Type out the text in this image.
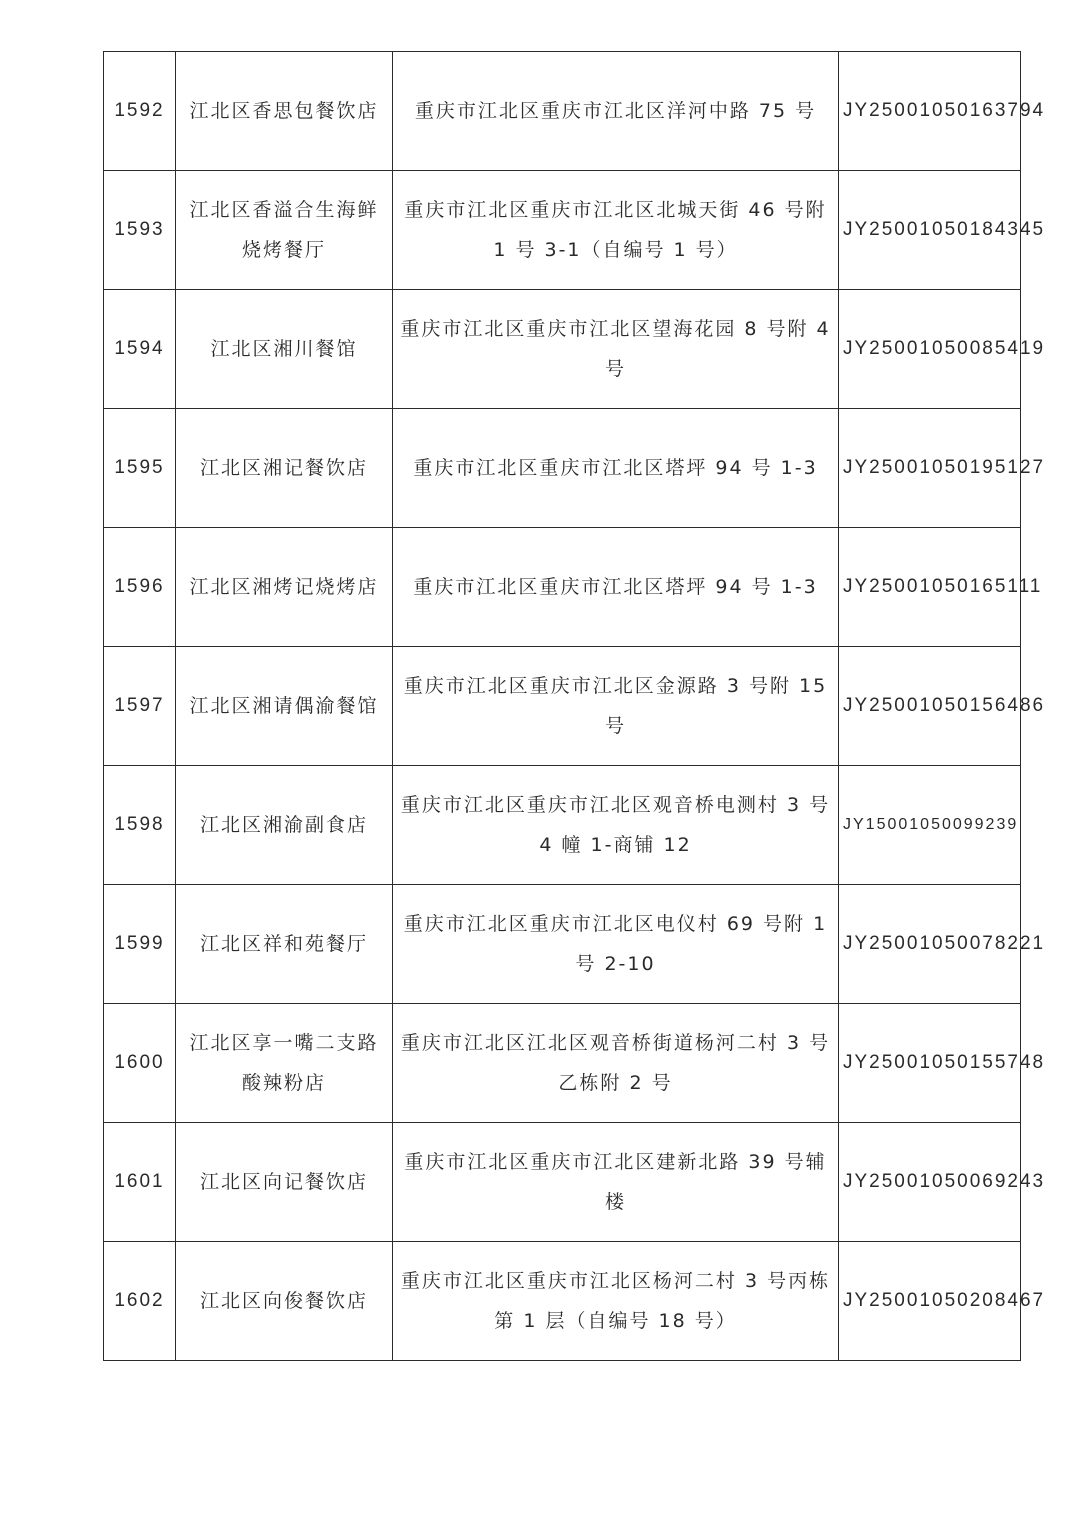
1592	江北区香思包餐饮店	重庆市江北区重庆市江北区洋河中路 75 号	JY25001050163794
1593	江北区香溢合生海鲜烧烤餐厅	重庆市江北区重庆市江北区北城天街 46 号附 1 号 3-1（自编号 1 号）	JY25001050184345
1594	江北区湘川餐馆	重庆市江北区重庆市江北区望海花园 8 号附 4 号	JY25001050085419
1595	江北区湘记餐饮店	重庆市江北区重庆市江北区塔坪 94 号 1-3	JY25001050195127
1596	江北区湘烤记烧烤店	重庆市江北区重庆市江北区塔坪 94 号 1-3	JY25001050165111
1597	江北区湘请偶渝餐馆	重庆市江北区重庆市江北区金源路 3 号附 15 号	JY25001050156486
1598	江北区湘渝副食店	重庆市江北区重庆市江北区观音桥电测村 3 号 4 幢 1-商铺 12	JY15001050099239
1599	江北区祥和苑餐厅	重庆市江北区重庆市江北区电仪村 69 号附 1 号 2-10	JY25001050078221
1600	江北区享一嘴二支路酸辣粉店	重庆市江北区江北区观音桥街道杨河二村 3 号乙栋附 2 号	JY25001050155748
1601	江北区向记餐饮店	重庆市江北区重庆市江北区建新北路 39 号辅楼	JY25001050069243
1602	江北区向俊餐饮店	重庆市江北区重庆市江北区杨河二村 3 号丙栋第 1 层（自编号 18 号）	JY25001050208467
